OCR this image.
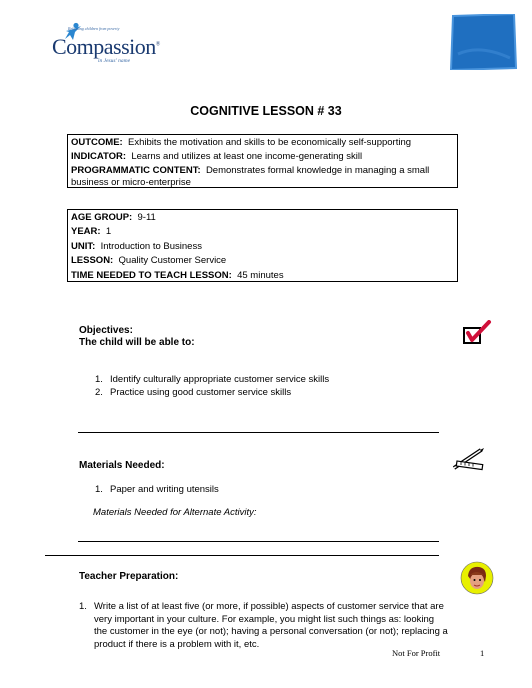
Releasing children from poverty
Compassion®
in Jesus' name
COGNITIVE LESSON # 33
OUTCOME: Exhibits the motivation and skills to be economically self-supporting
INDICATOR: Learns and utilizes at least one income-generating skill
PROGRAMMATIC CONTENT: Demonstrates formal knowledge in managing a small business or micro-enterprise
AGE GROUP: 9-11
YEAR: 1
UNIT: Introduction to Business
LESSON: Quality Customer Service
TIME NEEDED TO TEACH LESSON: 45 minutes
Objectives:
The child will be able to:
1. Identify culturally appropriate customer service skills
2. Practice using good customer service skills
Materials Needed:
1. Paper and writing utensils
Materials Needed for Alternate Activity:
Teacher Preparation:
1. Write a list of at least five (or more, if possible) aspects of customer service that are very important in your culture. For example, you might list such things as: looking the customer in the eye (or not); having a personal conversation (or not); replacing a product if there is a problem with it, etc.
Not For Profit	1
